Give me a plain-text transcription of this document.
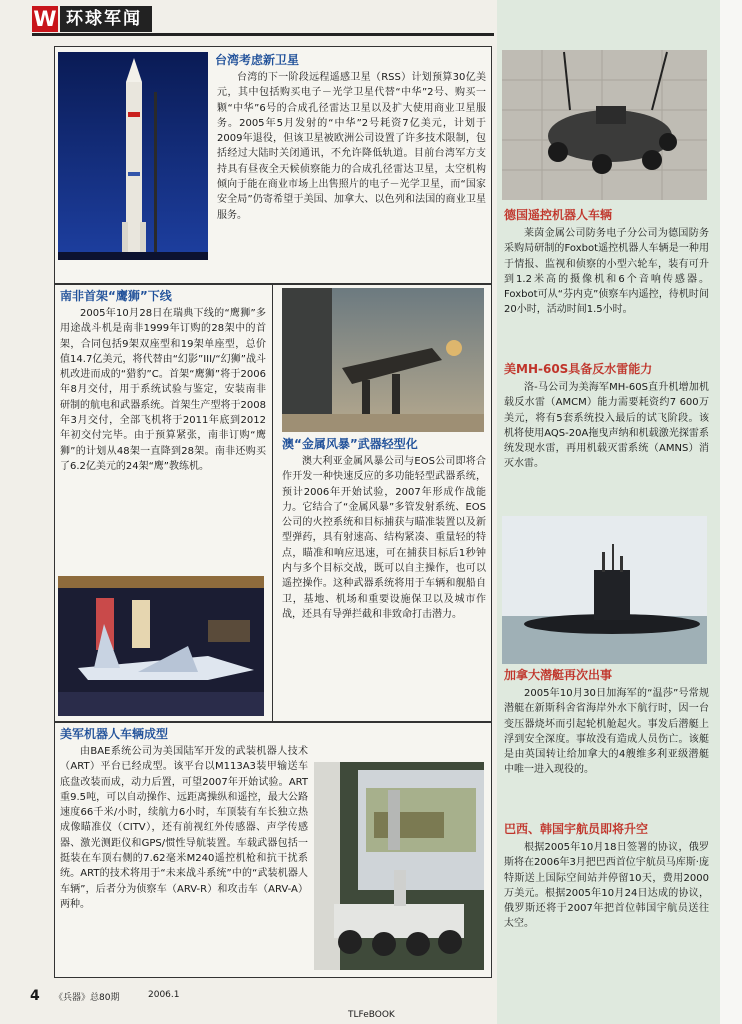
W 环球军闻
台湾考虑新卫星
台湾的下一阶段远程遥感卫星（RSS）计划预算30亿美元，其中包括购买电子－光学卫星代替“中华”2号、购买一颗“中华”6号的合成孔径雷达卫星以及扩大使用商业卫星服务。2005年5月发射的“中华”2号耗资7亿美元，计划于2009年退役，但该卫星被欧洲公司设置了许多技术限制，包括经过大陆时关闭通讯，不允许降低轨道。目前台湾军方支持具有昼夜全天候侦察能力的合成孔径雷达卫星，太空机构倾向于能在商业市场上出售照片的电子－光学卫星，而“国家安全局”仍寄希望于美国、加拿大、以色列和法国的商业卫星服务。
南非首架“鹰狮”下线
2005年10月28日在瑞典下线的“鹰狮”多用途战斗机是南非1999年订购的28架中的首架，合同包括9架双座型和19架单座型，总价值14.7亿美元，将代替由“幻影”III/“幻狮”战斗机改进而成的“猎豹”C。首架“鹰狮”将于2006年8月交付，用于系统试验与鉴定，安装南非研制的航电和武器系统。首架生产型将于2008年3月交付，全部飞机将于2011年底到2012年初交付完毕。由于预算紧张，南非订购“鹰狮”的计划从48架一直降到28架。南非还购买了6.2亿美元的24架“鹰”教练机。
澳“金属风暴”武器轻型化
澳大利亚金属风暴公司与EOS公司即将合作开发一种快速反应的多功能轻型武器系统，预计2006年开始试验，2007年形成作战能力。它结合了“金属风暴”多管发射系统、EOS公司的火控系统和目标捕获与瞄准装置以及新型弹药，具有射速高、结构紧凑、重量轻的特点，瞄准和响应迅速，可在捕获目标后1秒钟内与多个目标交战，既可以自主操作，也可以遥控操作。这种武器系统将用于车辆和舰船自卫，基地、机场和重要设施保卫以及城市作战，还具有导弹拦截和非致命打击潜力。
美军机器人车辆成型
由BAE系统公司为美国陆军开发的武装机器人技术（ART）平台已经成型。该平台以M113A3装甲输送车底盘改装而成，动力后置，可望2007年开始试验。ART重9.5吨，可以自动操作、远距离操纵和遥控，最大公路速度66千米/小时，续航力6小时，车顶装有车长独立热成像瞄准仪（CITV），还有前视红外传感器、声学传感器、激光测距仪和GPS/惯性导航装置。车载武器包括一挺装在车顶右侧的7.62毫米M240遥控机枪和抗干扰系统。ART的技术将用于“未来战斗系统”中的“武装机器人车辆”，后者分为侦察车（ARV-R）和攻击车（ARV-A）两种。
德国遥控机器人车辆
莱茵金属公司防务电子分公司为德国防务采购局研制的Foxbot遥控机器人车辆是一种用于情报、监视和侦察的小型六轮车，装有可升到1.2米高的摄像机和6个音响传感器。Foxbot可从“芬内克”侦察车内遥控，待机时间20小时，活动时间1.5小时。
美MH-60S具备反水雷能力
洛-马公司为美海军MH-60S直升机增加机载反水雷（AMCM）能力需要耗资约7 600万美元，将有5套系统投入最后的试飞阶段。该机将使用AQS-20A拖曳声纳和机载激光探雷系统发现水雷，再用机载灭雷系统（AMNS）消灭水雷。
加拿大潜艇再次出事
2005年10月30日加海军的“温莎”号常规潜艇在新斯科舍省海岸外水下航行时，因一台变压器烧坏而引起轮机舱起火。事发后潜艇上浮到安全深度。事故没有造成人员伤亡。该艇是由英国转让给加拿大的4艘维多利亚级潜艇中唯一进入现役的。
巴西、韩国宇航员即将升空
根据2005年10月18日签署的协议，俄罗斯将在2006年3月把巴西首位宇航员马库斯·庞特斯送上国际空间站并停留10天，费用2000万美元。根据2005年10月24日达成的协议，俄罗斯还将于2007年把首位韩国宇航员送往太空。
4 《兵器》总80期	2006.1
TLFeBOOK
